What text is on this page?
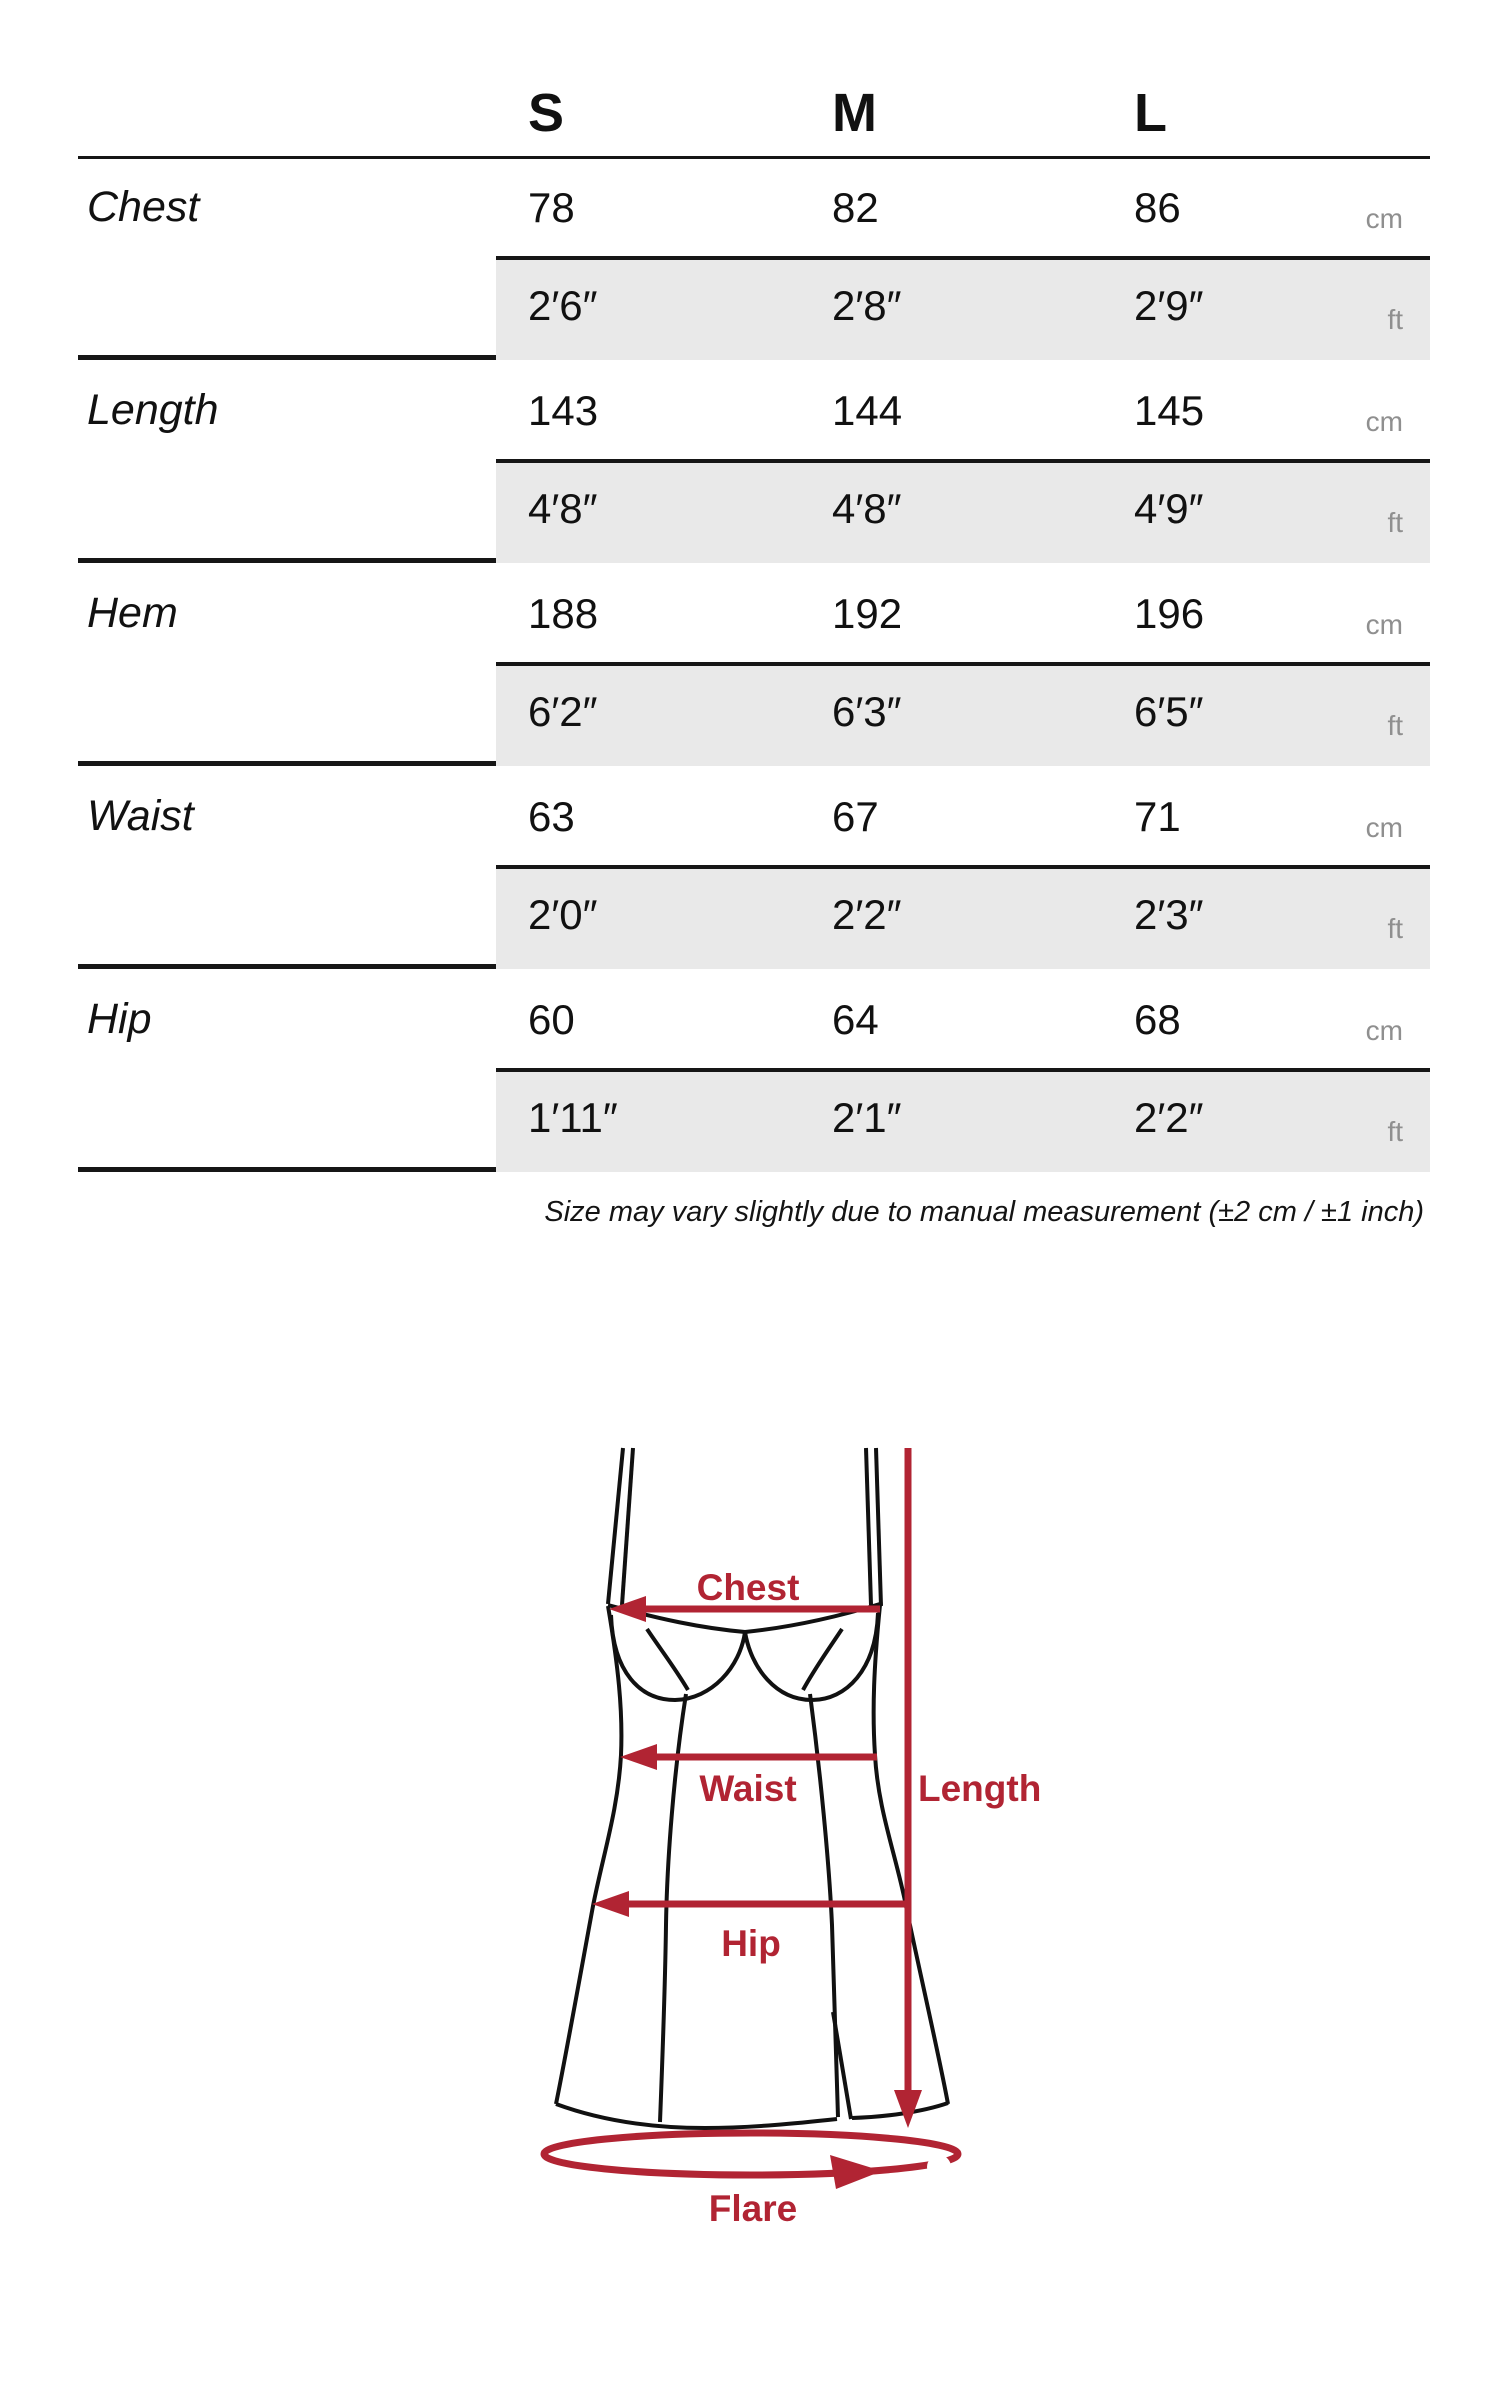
S	M	L
Chest	78	82	86	cm
2′6″	2′8″	2′9″	ft
Length	143	144	145	cm
4′8″	4′8″	4′9″	ft
Hem	188	192	196	cm
6′2″	6′3″	6′5″	ft
Waist	63	67	71	cm
2′0″	2′2″	2′3″	ft
Hip	60	64	68	cm
1′11″	2′1″	2′2″	ft
Size may vary slightly due to manual measurement (±2 cm / ±1 inch)
Chest
Waist	Length
Hip
Flare
